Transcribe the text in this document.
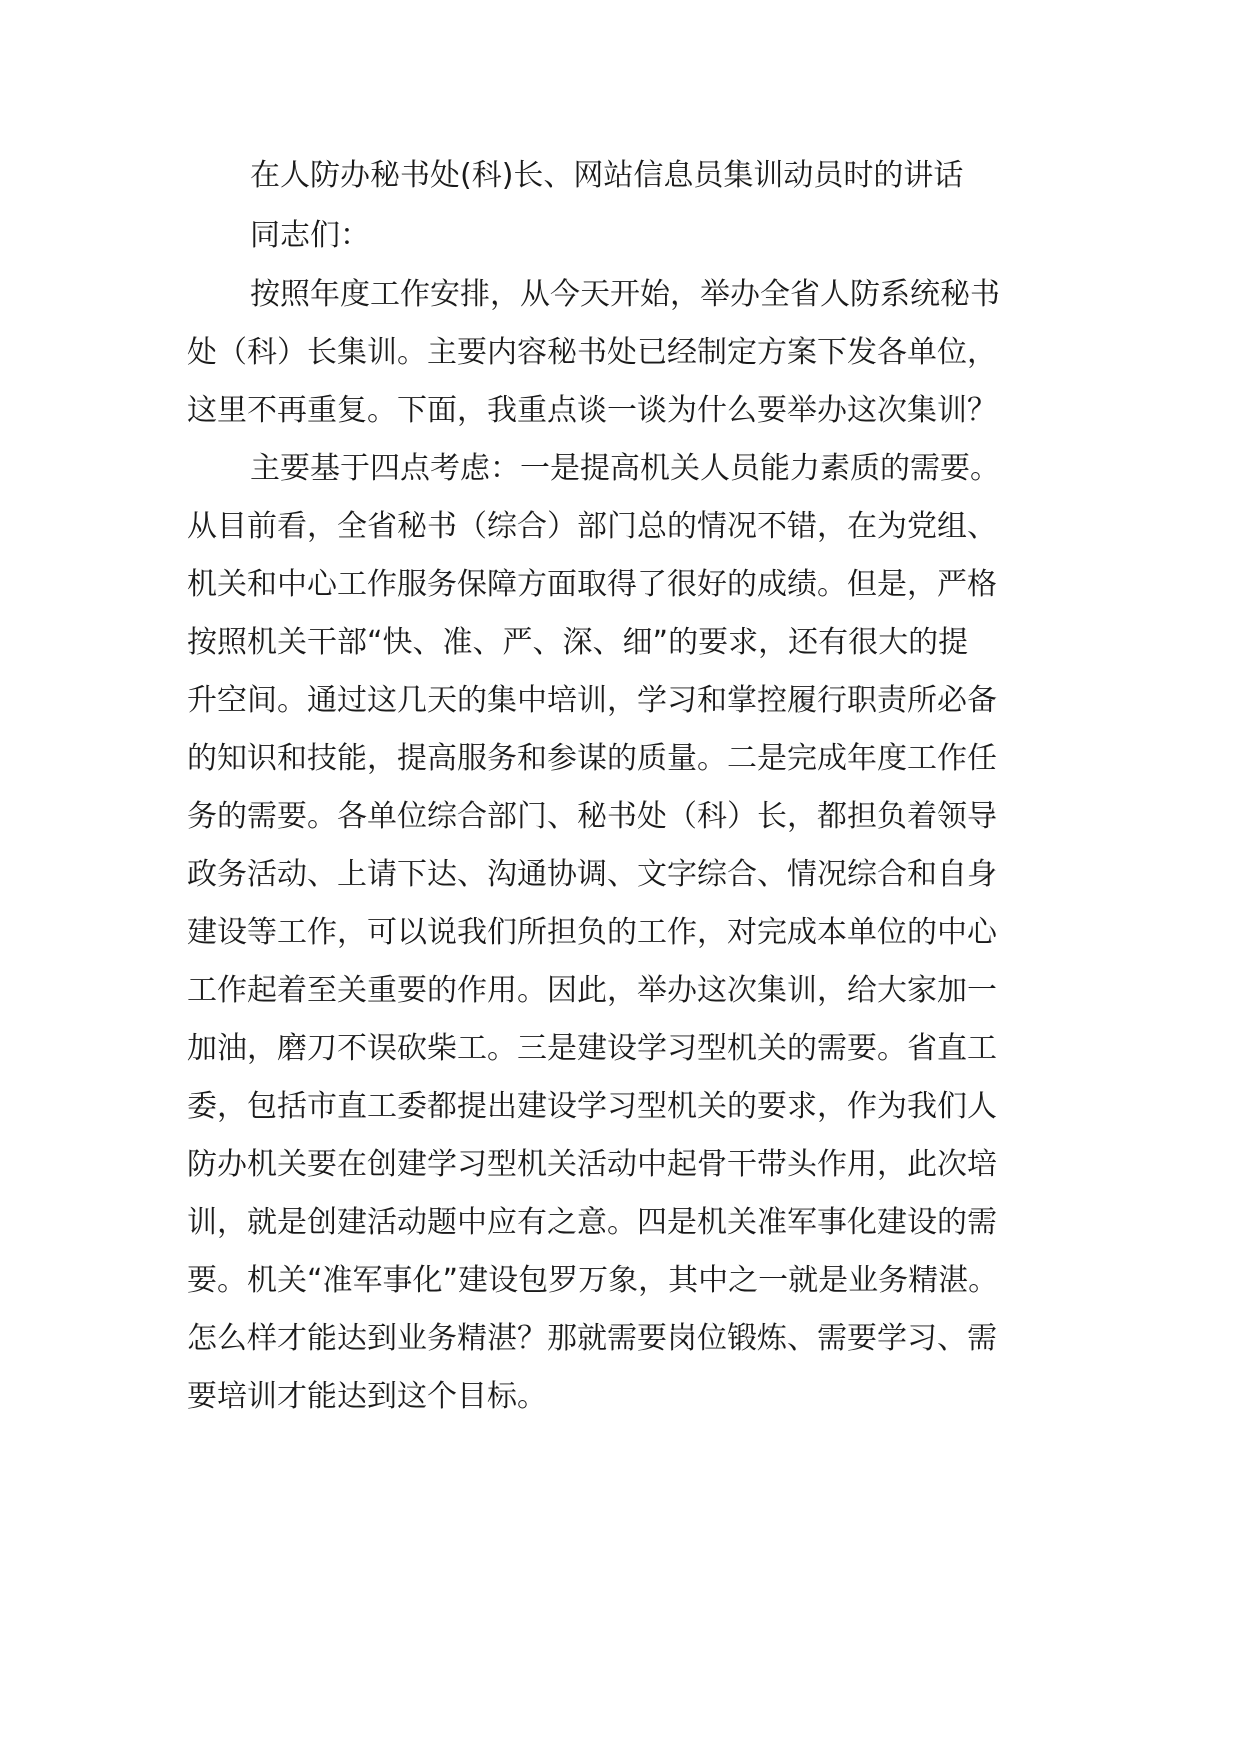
在人防办秘书处(科)长、网站信息员集训动员时的讲话
同志们：
按照年度工作安排，从今天开始，举办全省人防系统秘书
处（科）长集训。主要内容秘书处已经制定方案下发各单位，
这里不再重复。下面，我重点谈一谈为什么要举办这次集训？
主要基于四点考虑：一是提高机关人员能力素质的需要。
从目前看，全省秘书（综合）部门总的情况不错，在为党组、
机关和中心工作服务保障方面取得了很好的成绩。但是，严格
按照机关干部“快、准、严、深、细”的要求，还有很大的提
升空间。通过这几天的集中培训，学习和掌控履行职责所必备
的知识和技能，提高服务和参谋的质量。二是完成年度工作任
务的需要。各单位综合部门、秘书处（科）长，都担负着领导
政务活动、上请下达、沟通协调、文字综合、情况综合和自身
建设等工作，可以说我们所担负的工作，对完成本单位的中心
工作起着至关重要的作用。因此，举办这次集训，给大家加一
加油，磨刀不误砍柴工。三是建设学习型机关的需要。省直工
委，包括市直工委都提出建设学习型机关的要求，作为我们人
防办机关要在创建学习型机关活动中起骨干带头作用，此次培
训，就是创建活动题中应有之意。四是机关准军事化建设的需
要。机关“准军事化”建设包罗万象，其中之一就是业务精湛。
怎么样才能达到业务精湛？那就需要岗位锻炼、需要学习、需
要培训才能达到这个目标。
